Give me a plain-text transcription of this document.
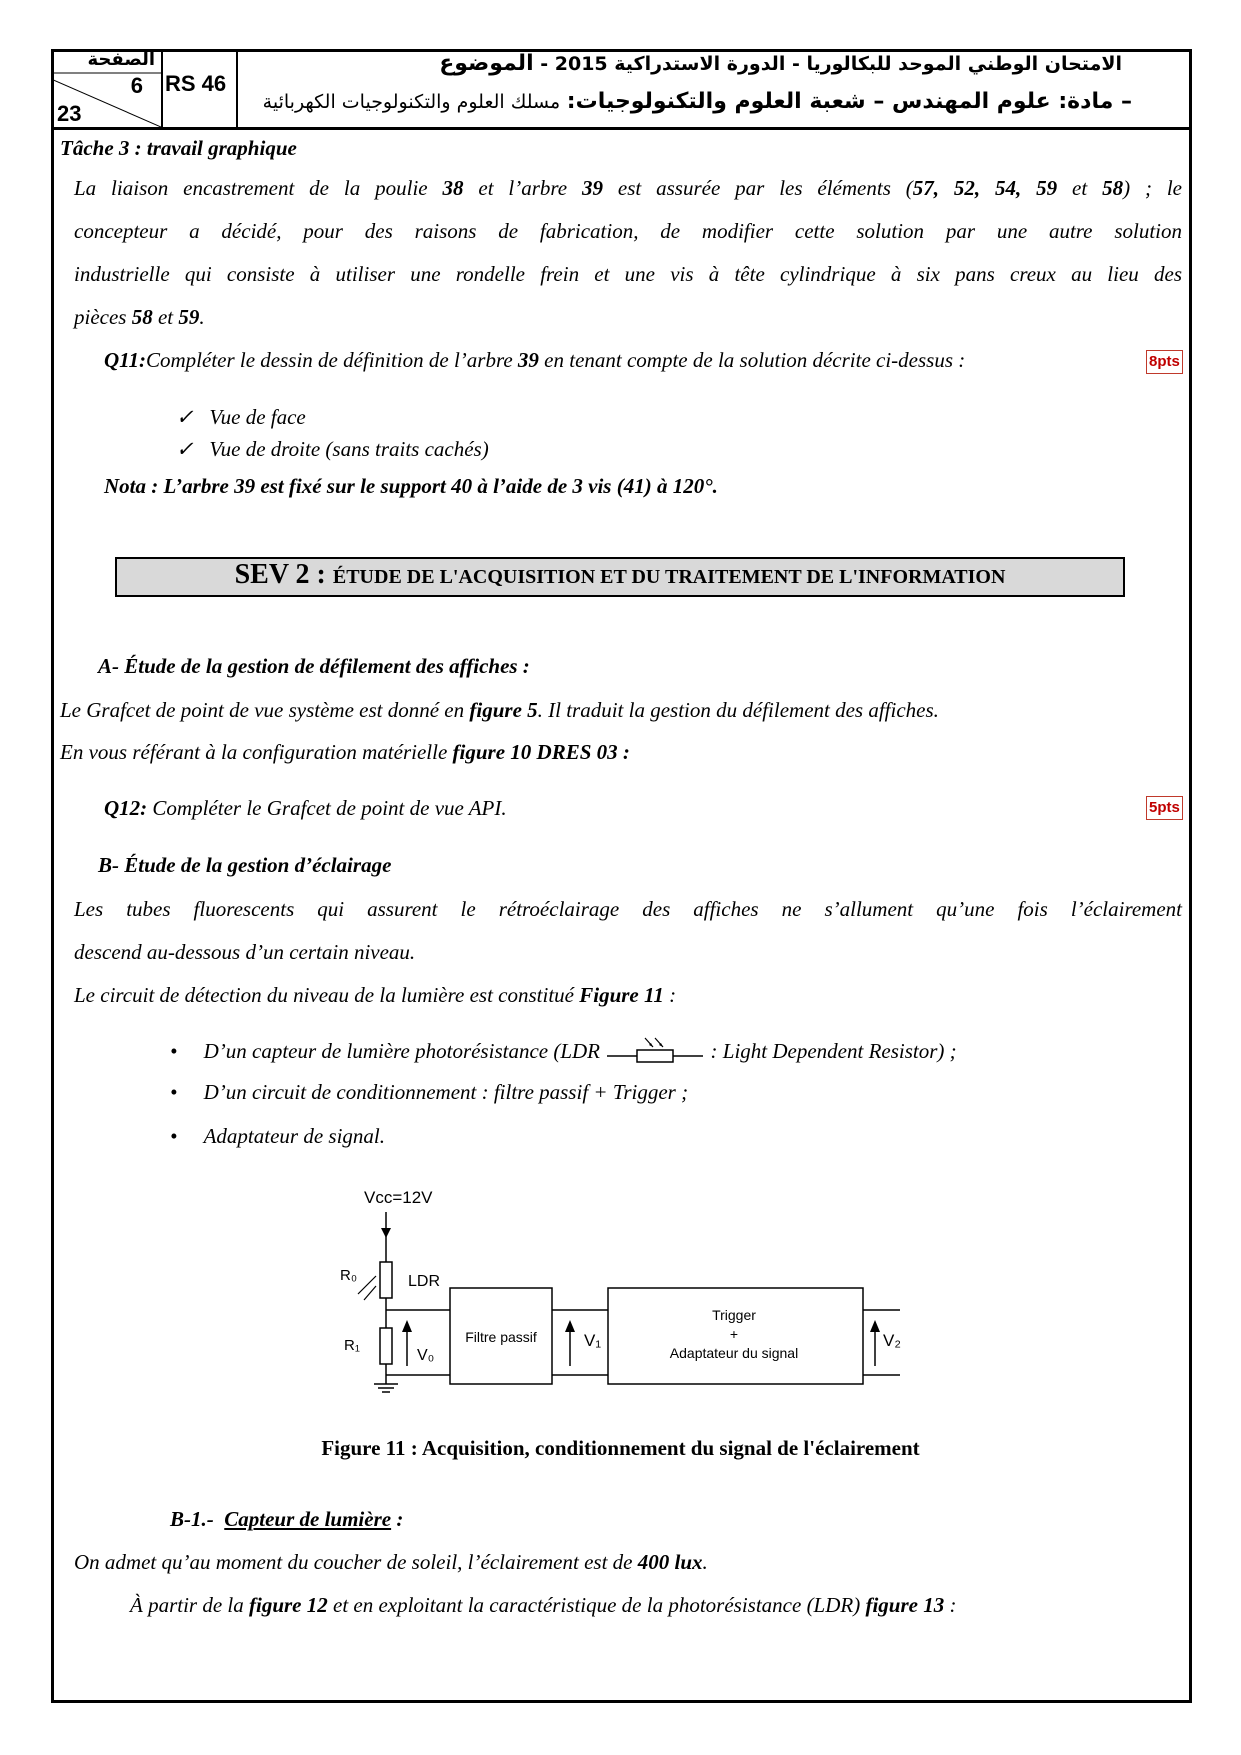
الصفحة
6
23
RS 46
الامتحان الوطني الموحد للبكالوريا - الدورة الاستدراكية 2015 - الموضوع
– مادة: علوم المهندس – شعبة العلوم والتكنولوجيات: مسلك العلوم والتكنولوجيات الكهربائية
Tâche 3 : travail graphique
La liaison encastrement de la poulie 38 et l’arbre 39 est assurée par les éléments (57, 52, 54, 59 et 58) ; le
concepteur a décidé, pour des raisons de fabrication, de modifier cette solution par une autre solution
industrielle qui consiste à utiliser une rondelle frein et une vis à tête cylindrique à six pans creux au lieu des
pièces 58 et 59.
Q11:Compléter le dessin de définition de l’arbre 39 en tenant compte de la solution décrite ci-dessus :	8pts
✓ Vue de face
✓ Vue de droite (sans traits cachés)
Nota : L’arbre 39 est fixé sur le support 40 à l’aide de 3 vis (41) à 120°.
SEV 2 : ÉTUDE DE L'ACQUISITION ET DU TRAITEMENT DE L'INFORMATION
A- Étude de la gestion de défilement des affiches :
Le Grafcet de point de vue système est donné en figure 5. Il traduit la gestion du défilement des affiches.
En vous référant à la configuration matérielle figure 10 DRES 03 :
Q12: Compléter le Grafcet de point de vue API.	5pts
B- Étude de la gestion d’éclairage
Les tubes fluorescents qui assurent le rétroéclairage des affiches ne s’allument qu’une fois l’éclairement
descend au-dessous d’un certain niveau.
Le circuit de détection du niveau de la lumière est constitué Figure 11 :
• D’un capteur de lumière photorésistance (LDR	: Light Dependent Resistor) ;
• D’un circuit de conditionnement : filtre passif + Trigger ;
• Adaptateur de signal.
Vcc=12V
R₀	LDR
R₁
V₀
Filtre passif	V₁
Trigger
+
Adaptateur du signal
V₂
Figure 11 : Acquisition, conditionnement du signal de l'éclairement
B-1.- Capteur de lumière :
On admet qu’au moment du coucher de soleil, l’éclairement est de 400 lux.
À partir de la figure 12 et en exploitant la caractéristique de la photorésistance (LDR) figure 13 :
